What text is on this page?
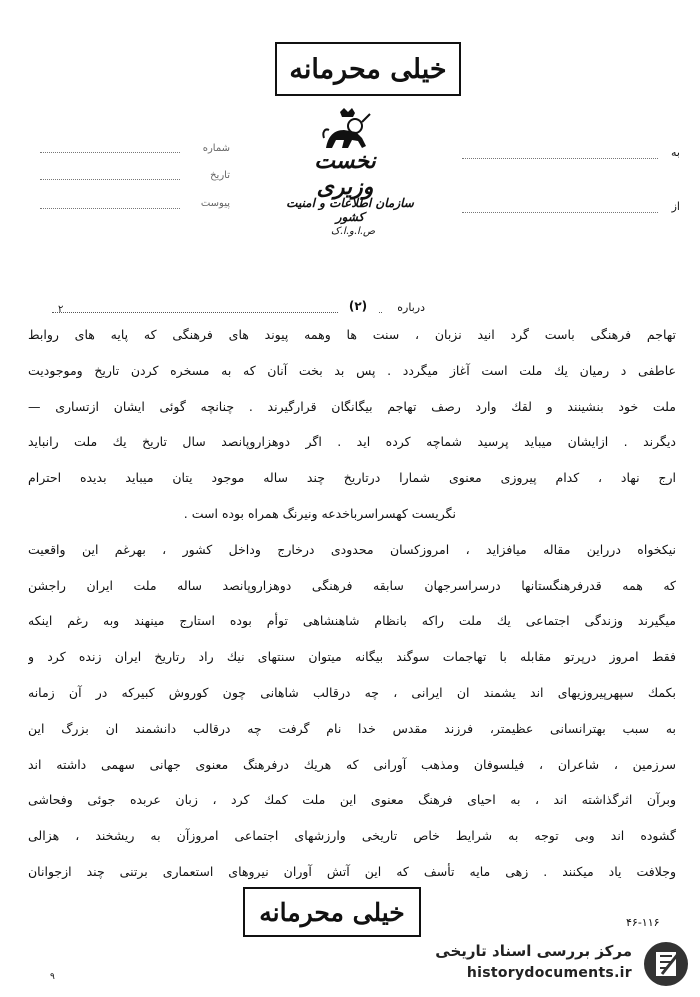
خیلی محرمانه
نخست وزیری
سازمان اطلاعات و امنیت کشور
ص.ا.و.ا.ک
شماره
تاریخ
پیوست
به
از
درباره
(۲)
۲
تهاجم فرهنگی باست گرد انید نزبان ، سنت ها وهمه پیوند های فرهنگی که پایه های روابط
عاطفی د رمیان یك ملت است آغاز میگردد . پس بد بخت آنان که به مسخره کردن تاریخ وموجودیت
ملت خود بنشینند و لقك وارد رصف تهاجم بیگانگان قرارگیرند . چنانچه گوئی ایشان ازتساری —
دیگرند . ازایشان میباید پرسید شماچه کرده اید . اگر دوهزاروپانصد سال تاریخ یك ملت رانباید
ارج نهاد ، کدام پیروزی معنوی شمارا درتاریخ چند ساله موجود یتان میباید بدیده احترام
نگریست کهسراسرباخدعه ونیرنگ همراه بوده است .
نیکخواه درراین مقاله میافزاید ، امروزکسان محدودی درخارج وداخل کشور ، بهرغم این واقعیت
که همه قدرفرهنگستانها درسراسرجهان سابقه فرهنگی دوهزاروپانصد ساله ملت ایران راجشن
میگیرند وزندگی اجتماعی یك ملت راکه بانظام شاهنشاهی توأم بوده استارج مینهند وبه رغم اینکه
فقط امروز درپرتو مقابله با تهاجمات سوگند بیگانه میتوان سنتهای نیك راد رتاریخ ایران زنده کرد و
بکمك سپهرپیروزیهای اند یشمند ان ایرانی ، چه درقالب شاهانی چون کوروش کبیرکه در آن زمانه
به سبب بهترانسانی عظیمتر، فرزند مقدس خدا نام گرفت چه درقالب دانشمند ان بزرگ این
سرزمین ، شاعران ، فیلسوفان ومذهب آورانی که هریك درفرهنگ معنوی جهانی سهمی داشته اند
وبرآن اثرگذاشته اند ، به احیای فرهنگ معنوی این ملت کمك کرد ، زبان عربده جوئی وفحاشی
گشوده اند وبی توجه به شرایط خاص تاریخی وارزشهای اجتماعی امروزآن به ریشخند ، هزالی
وجلافت یاد میکنند . زهی مایه تأسف که این آتش آوران نیروهای استعماری برتنی چند ازجوانان
خیلی محرمانه	۴۶-۱۱۶
۹
مرکز بررسی اسناد تاریخی
historydocuments.ir
